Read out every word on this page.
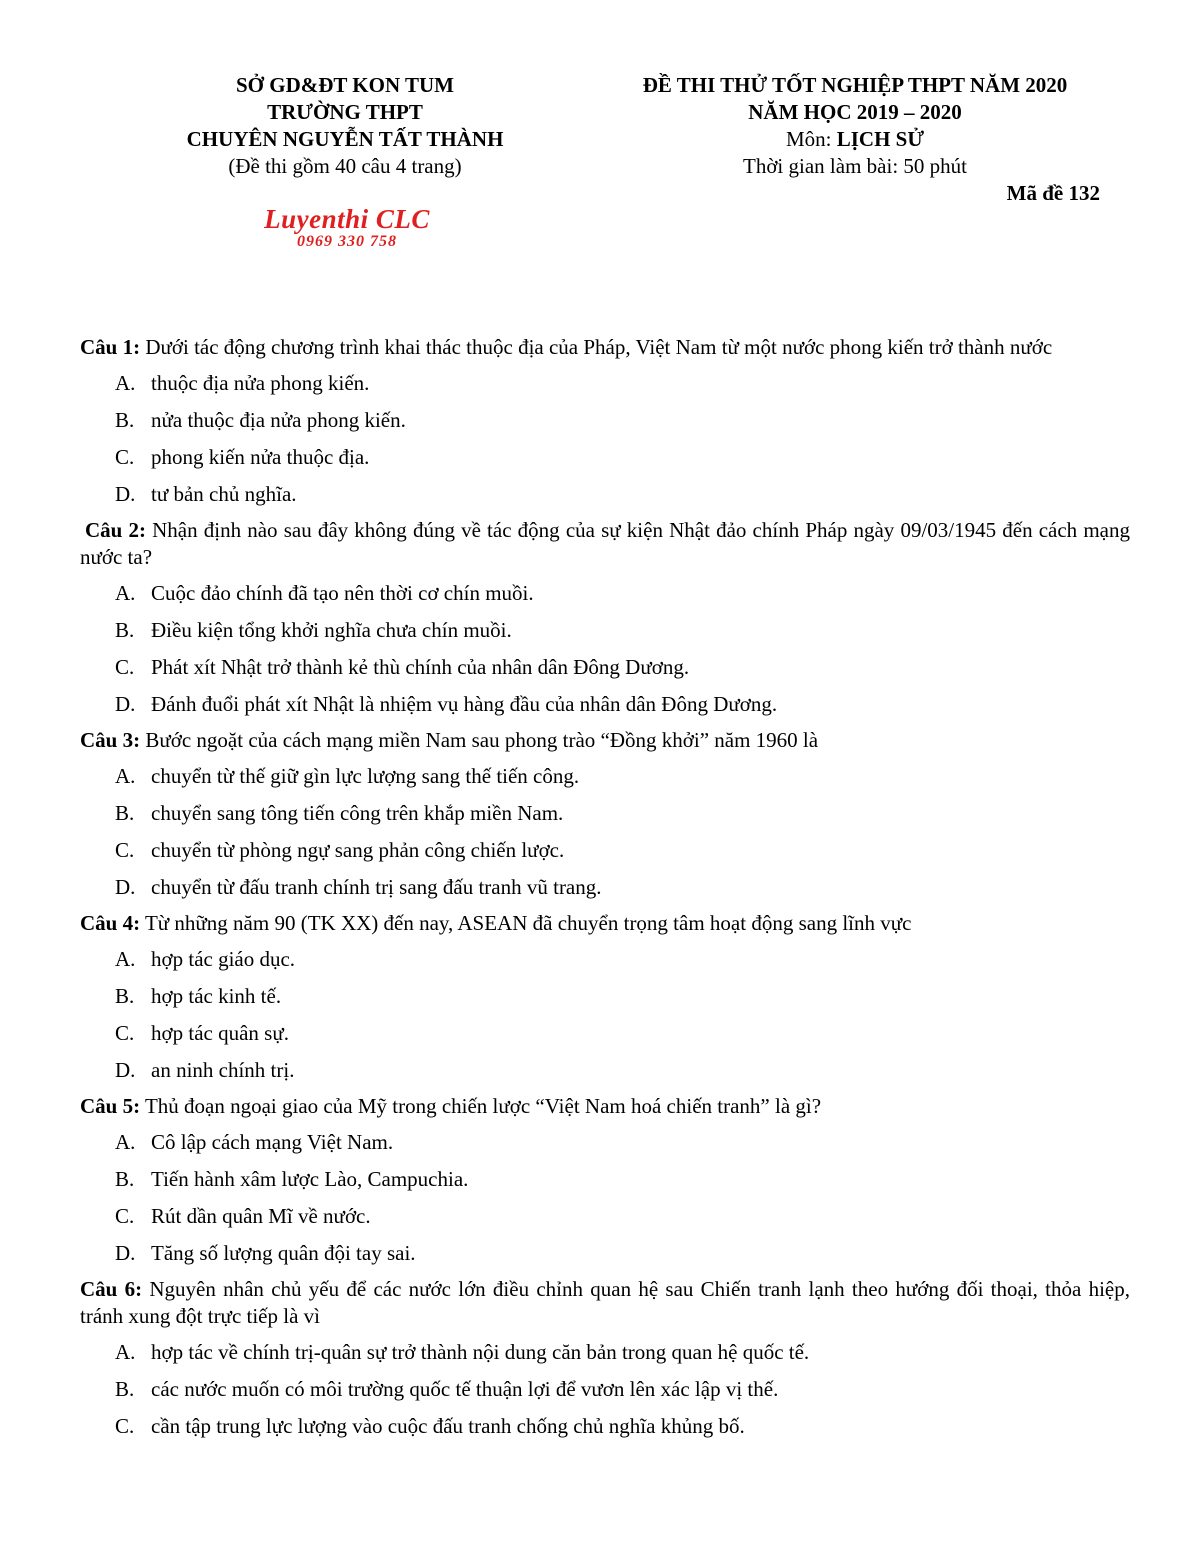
SỞ GD&ĐT KON TUM
TRƯỜNG THPT
CHUYÊN NGUYỄN TẤT THÀNH
(Đề thi gồm 40 câu 4 trang)
ĐỀ THI THỬ TỐT NGHIỆP THPT NĂM 2020
NĂM HỌC 2019 – 2020
Môn: LỊCH SỬ
Thời gian làm bài: 50 phút
Mã đề 132
Luyenthi CLC
0969 330 758

Câu 1: Dưới tác động chương trình khai thác thuộc địa của Pháp, Việt Nam từ một nước phong kiến trở thành nước

A. thuộc địa nửa phong kiến.
B. nửa thuộc địa nửa phong kiến.
C. phong kiến nửa thuộc địa.
D. tư bản chủ nghĩa.

Câu 2: Nhận định nào sau đây không đúng về tác động của sự kiện Nhật đảo chính Pháp ngày 09/03/1945 đến cách mạng nước ta?

A. Cuộc đảo chính đã tạo nên thời cơ chín muồi.
B. Điều kiện tổng khởi nghĩa chưa chín muồi.
C. Phát xít Nhật trở thành kẻ thù chính của nhân dân Đông Dương.
D. Đánh đuổi phát xít Nhật là nhiệm vụ hàng đầu của nhân dân Đông Dương.

Câu 3: Bước ngoặt của cách mạng miền Nam sau phong trào “Đồng khởi” năm 1960 là

A. chuyển từ thế giữ gìn lực lượng sang thế tiến công.
B. chuyển sang tông tiến công trên khắp miền Nam.
C. chuyển từ phòng ngự sang phản công chiến lược.
D. chuyển từ đấu tranh chính trị sang đấu tranh vũ trang.

Câu 4: Từ những năm 90 (TK XX) đến nay, ASEAN đã chuyển trọng tâm hoạt động sang lĩnh vực

A. hợp tác giáo dục.
B. hợp tác kinh tế.
C. hợp tác quân sự.
D. an ninh chính trị.

Câu 5: Thủ đoạn ngoại giao của Mỹ trong chiến lược “Việt Nam hoá chiến tranh” là gì?

A. Cô lập cách mạng Việt Nam.
B. Tiến hành xâm lược Lào, Campuchia.
C. Rút dần quân Mĩ về nước.
D. Tăng số lượng quân đội tay sai.

Câu 6: Nguyên nhân chủ yếu để các nước lớn điều chỉnh quan hệ sau Chiến tranh lạnh theo hướng đối thoại, thỏa hiệp, tránh xung đột trực tiếp là vì

A. hợp tác về chính trị-quân sự trở thành nội dung căn bản trong quan hệ quốc tế.
B. các nước muốn có môi trường quốc tế thuận lợi để vươn lên xác lập vị thế.
C. cần tập trung lực lượng vào cuộc đấu tranh chống chủ nghĩa khủng bố.
